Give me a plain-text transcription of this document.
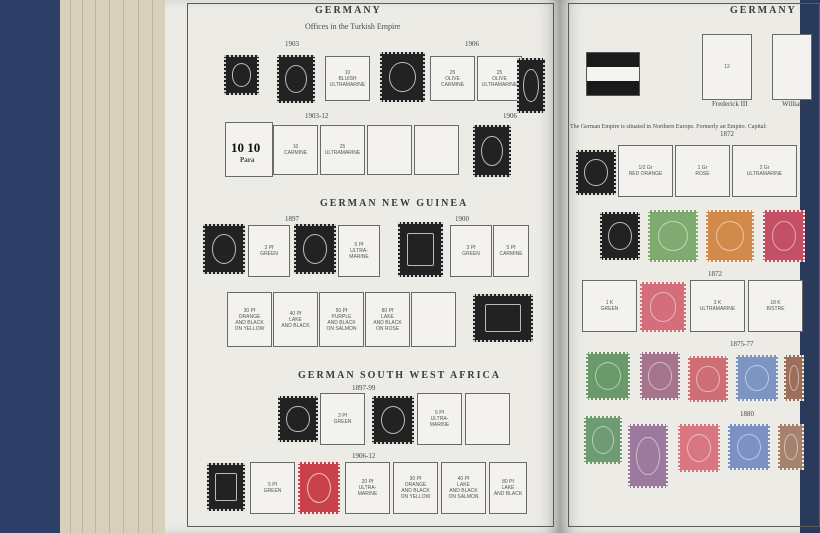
GERMANY
Offices in the Turkish Empire
1903	1906
10
BLUISH
ULTRAMARINE
25
OLIVE
CARMINE
25
OLIVE
ULTRAMARINE
1903-12	1906
10 10
Para
10
CARMINE
25
ULTRAMARINE
GERMAN NEW GUINEA
1897	1900
3 Pf
GREEN
5 Pf
ULTRA-
MARINE
3 Pf
GREEN
5 Pf
CARMINE
30 Pf
ORANGE
AND BLACK
ON YELLOW
40 Pf
LAKE
AND BLACK
50 Pf
PURPLE
AND BLACK
ON SALMON
80 Pf
LAKE
AND BLACK
ON ROSE
GERMAN SOUTH WEST AFRICA
1897-99
3 Pf
GREEN
5 Pf
ULTRA-
MARINE
1906-12
5 Pf
GREEN
20 Pf
ULTRA-
MARINE
30 Pf
ORANGE
AND BLACK
ON YELLOW
40 Pf
LAKE
AND BLACK
ON SALMON
80 Pf
LAKE
AND BLACK
GERMANY
12
Frederick III	William
The German Empire is situated in Northern Europe. Formerly an Empire. Capital:
1872
1/2 Gr
RED ORANGE
1 Gr
ROSE
2 Gr
ULTRAMARINE
1872
1 K
GREEN
3 K
ULTRAMARINE
18 K
BISTRE
1875-77
1880
